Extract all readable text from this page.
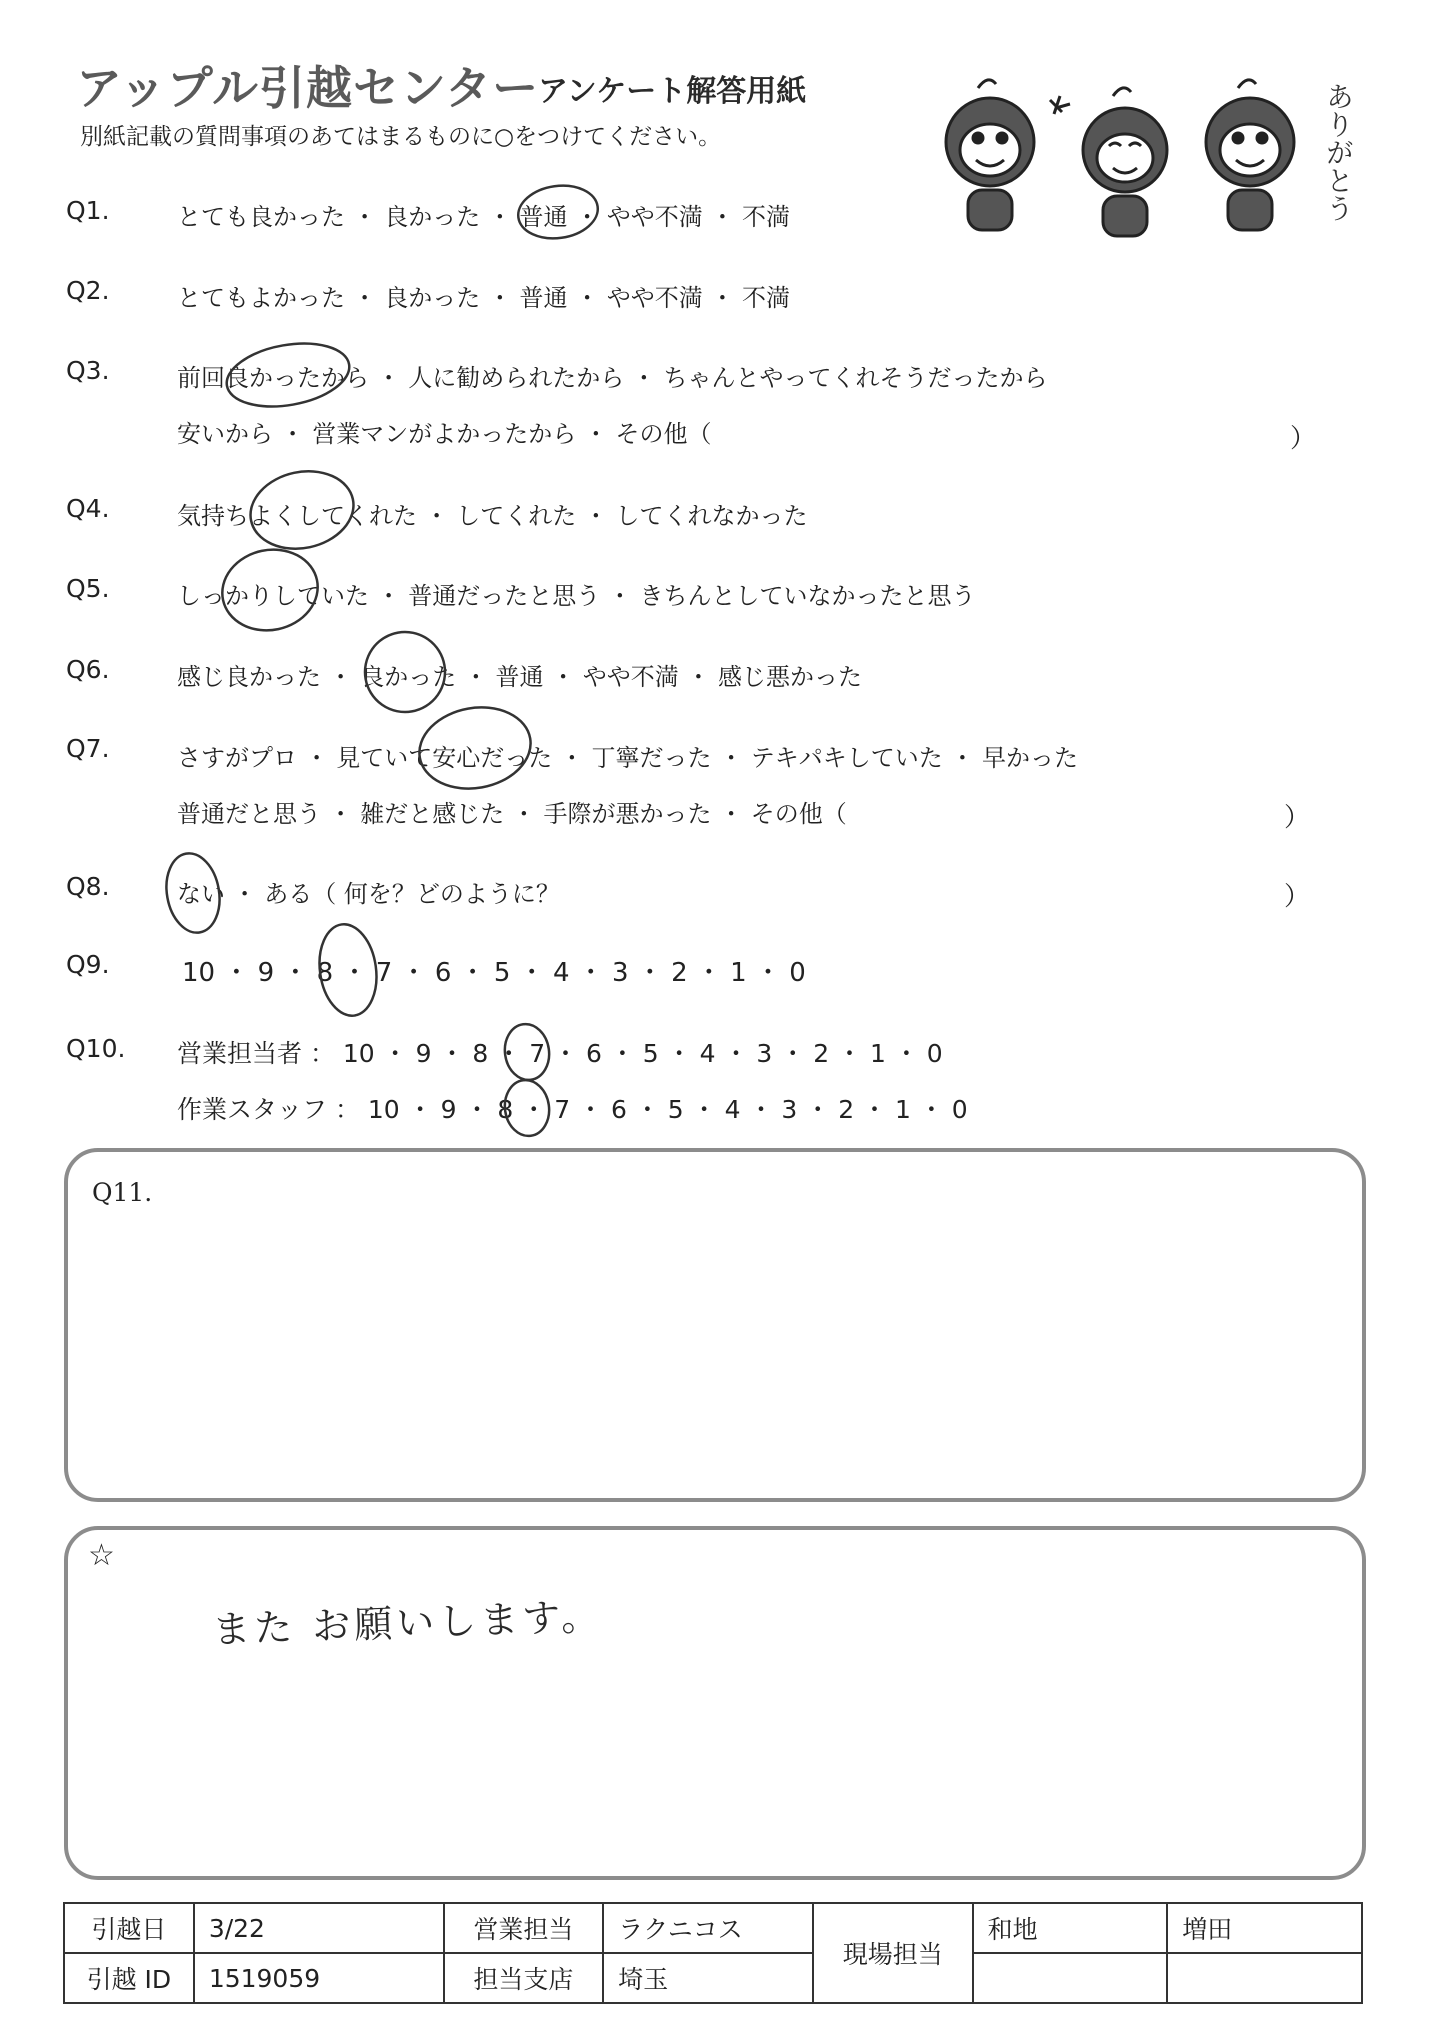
アップル引越センター
アンケート解答用紙
別紙記載の質問事項のあてはまるものに○をつけてください。	ありがとう
Q1.	とても良かった ・ 良かった ・ 普通 ・ やや不満 ・ 不満
Q2.	とてもよかった ・ 良かった ・ 普通 ・ やや不満 ・ 不満
Q3.	前回良かったから ・ 人に勧められたから ・ ちゃんとやってくれそうだったから
安いから ・ 営業マンがよかったから ・ その他（	）
Q4.	気持ちよくしてくれた ・ してくれた ・ してくれなかった
Q5.	しっかりしていた ・ 普通だったと思う ・ きちんとしていなかったと思う
Q6.	感じ良かった ・ 良かった ・ 普通 ・ やや不満 ・ 感じ悪かった
Q7.	さすがプロ ・ 見ていて安心だった ・ 丁寧だった ・ テキパキしていた ・ 早かった
普通だと思う ・ 雑だと感じた ・ 手際が悪かった ・ その他（	）
Q8.	ない ・ ある（ 何を？どのように？	）
Q9.	10 ・ 9 ・ 8 ・ 7 ・ 6 ・ 5 ・ 4 ・ 3 ・ 2 ・ 1 ・ 0
Q10. 営業担当者 ： 10 ・ 9 ・ 8 ・ 7 ・ 6 ・ 5 ・ 4 ・ 3 ・ 2 ・ 1 ・ 0
作業スタッフ ： 10 ・ 9 ・ 8 ・ 7 ・ 6 ・ 5 ・ 4 ・ 3 ・ 2 ・ 1 ・ 0
Q11.
☆
また お願いします。
引越日	3/22	営業担当	ラクニコス	現場担当	和地	増田
引越 ID	1519059	担当支店	埼玉			
